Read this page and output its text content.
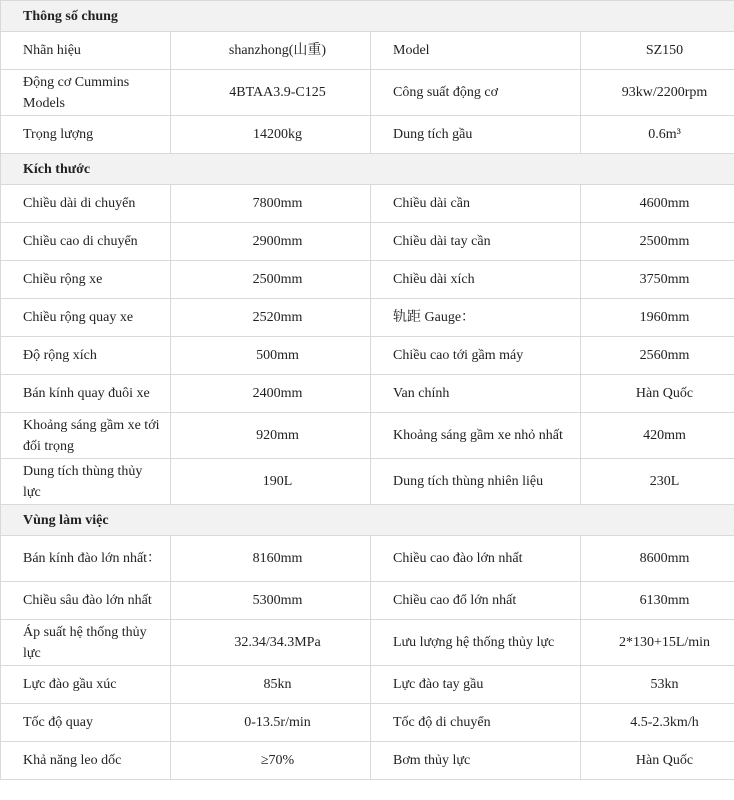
Thông số chung			
Nhãn hiệu	shanzhong(山重)	Model	SZ150
Động cơ Cummins Models	4BTAA3.9-C125	Công suất động cơ	93kw/2200rpm
Trọng lượng	14200kg	Dung tích gầu	0.6m³
Kích thước			
Chiều dài di chuyển	7800mm	Chiều dài cần	4600mm
Chiều cao di chuyển	2900mm	Chiều dài tay cần	2500mm
Chiều rộng xe	2500mm	Chiều dài xích	3750mm
Chiều rộng quay xe	2520mm	轨距 Gauge：	1960mm
Độ rộng xích	500mm	Chiều cao tới gầm máy	2560mm
Bán kính quay đuôi xe	2400mm	Van chính	Hàn Quốc
Khoảng sáng gầm xe tới đối trọng	920mm	Khoảng sáng gầm xe nhỏ nhất	420mm
Dung tích thùng thủy lực	190L	Dung tích thùng nhiên liệu	230L
Vùng làm việc			
Bán kính đào lớn nhất：	8160mm	Chiều cao đào lớn nhất	8600mm
Chiều sâu đào lớn nhất	5300mm	Chiều cao đổ lớn nhất	6130mm
Áp suất hệ thống thủy lực	32.34/34.3MPa	Lưu lượng hệ thống thủy lực	2*130+15L/min
Lực đào gầu xúc	85kn	Lực đào tay gầu	53kn
Tốc độ quay	0-13.5r/min	Tốc độ di chuyển	4.5-2.3km/h
Khả năng leo dốc	≥70%	Bơm thủy lực	Hàn Quốc
